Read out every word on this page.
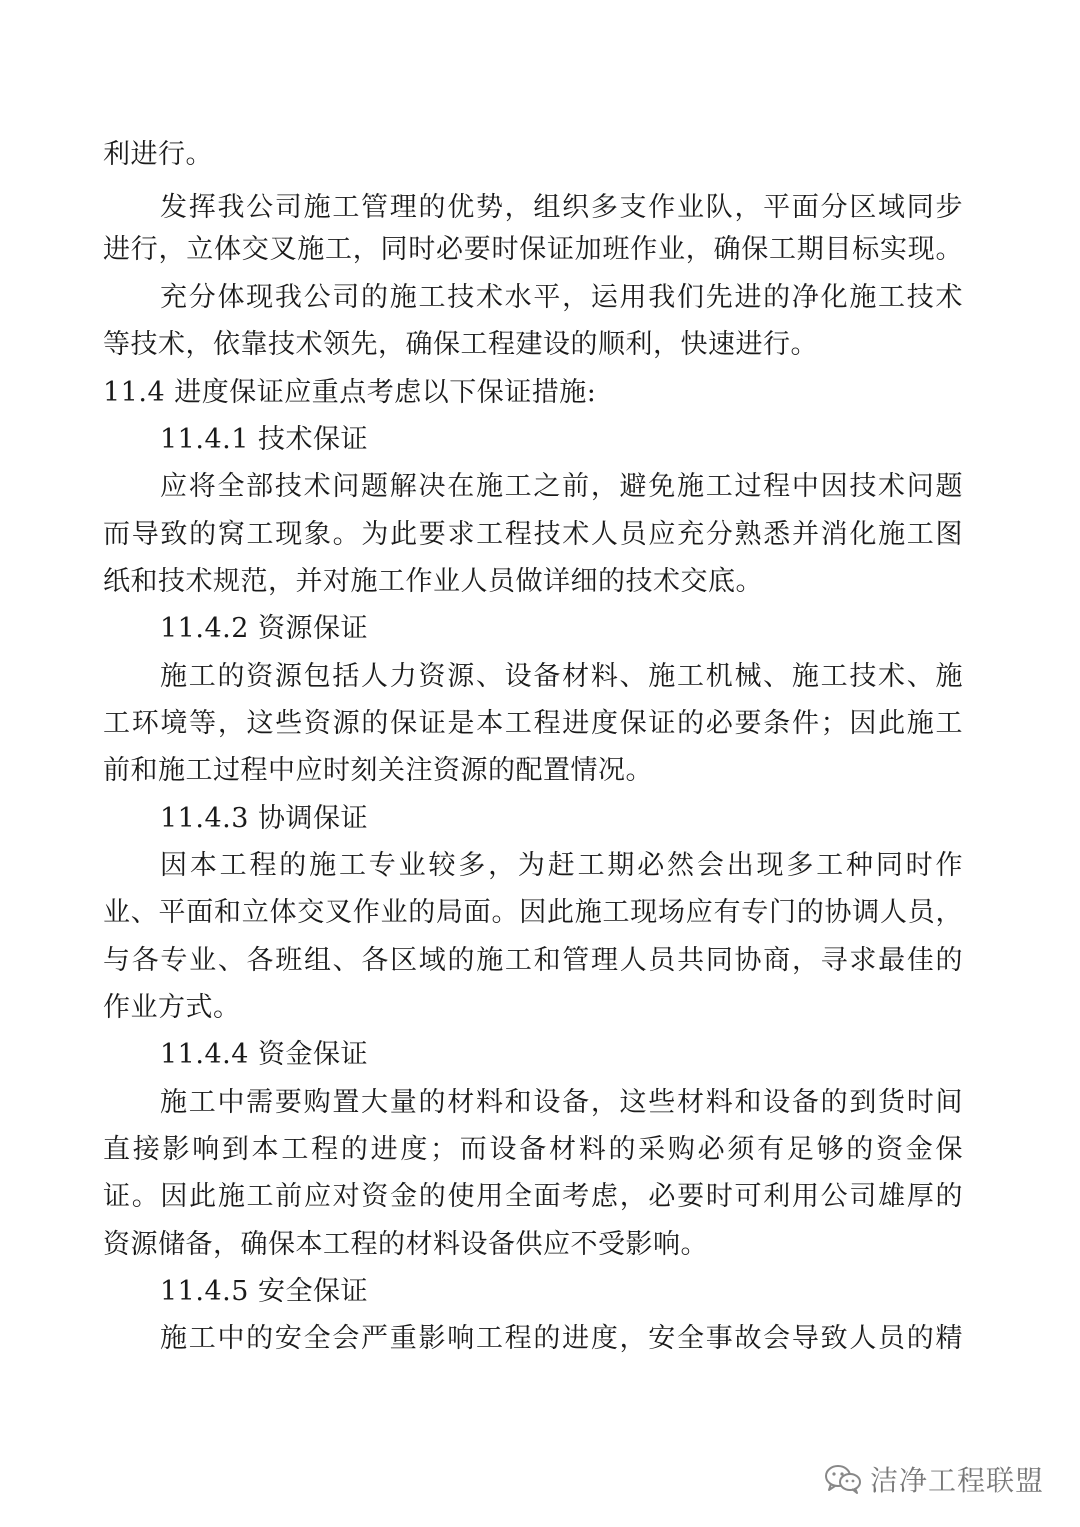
利进行。
发挥我公司施工管理的优势，组织多支作业队，平面分区域同步
进行，立体交叉施工，同时必要时保证加班作业，确保工期目标实现。
充分体现我公司的施工技术水平，运用我们先进的净化施工技术
等技术，依靠技术领先，确保工程建设的顺利，快速进行。
11.4 进度保证应重点考虑以下保证措施:
11.4.1 技术保证
应将全部技术问题解决在施工之前，避免施工过程中因技术问题
而导致的窝工现象。为此要求工程技术人员应充分熟悉并消化施工图
纸和技术规范，并对施工作业人员做详细的技术交底。
11.4.2 资源保证
施工的资源包括人力资源、设备材料、施工机械、施工技术、施
工环境等，这些资源的保证是本工程进度保证的必要条件；因此施工
前和施工过程中应时刻关注资源的配置情况。
11.4.3 协调保证
因本工程的施工专业较多，为赶工期必然会出现多工种同时作
业、平面和立体交叉作业的局面。因此施工现场应有专门的协调人员，
与各专业、各班组、各区域的施工和管理人员共同协商，寻求最佳的
作业方式。
11.4.4 资金保证
施工中需要购置大量的材料和设备，这些材料和设备的到货时间
直接影响到本工程的进度；而设备材料的采购必须有足够的资金保
证。因此施工前应对资金的使用全面考虑，必要时可利用公司雄厚的
资源储备，确保本工程的材料设备供应不受影响。
11.4.5 安全保证
施工中的安全会严重影响工程的进度，安全事故会导致人员的精
洁净工程联盟
